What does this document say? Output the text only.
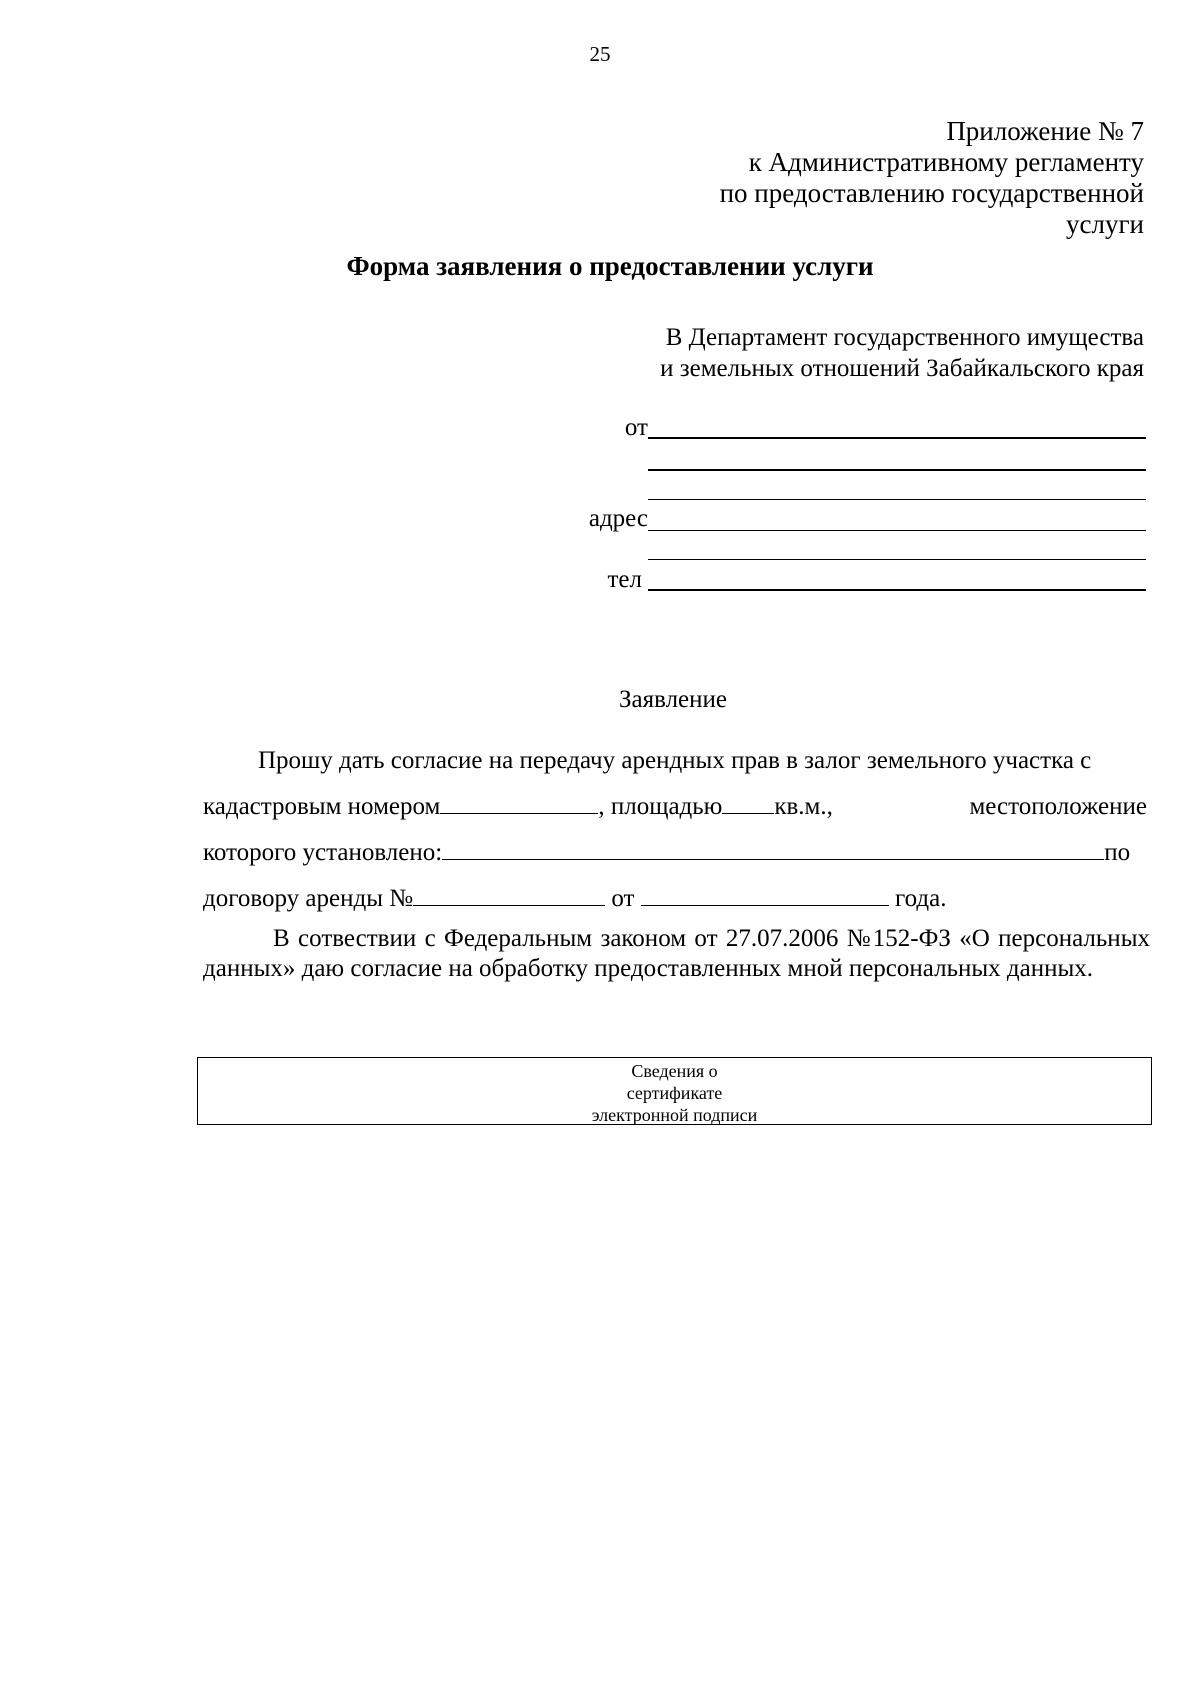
25
Приложение № 7
к Административному регламенту
по предоставлению государственной
услуги
Форма заявления о предоставлении услуги
В Департамент государственного имущества
и земельных отношений Забайкальского края
от
адрес
тел
Заявление
Прошу дать согласие на передачу арендных прав в залог земельного участка с
кадастровым номером	, площадью кв.м.,	местоположение
которого установлено:	по
договору аренды №	от	года.
В сотвествии с Федеральным законом от 27.07.2006 №152-ФЗ «О персональных данных» даю согласие на обработку предоставленных мной персональных данных.
Сведения о
сертификате
электронной подписи
